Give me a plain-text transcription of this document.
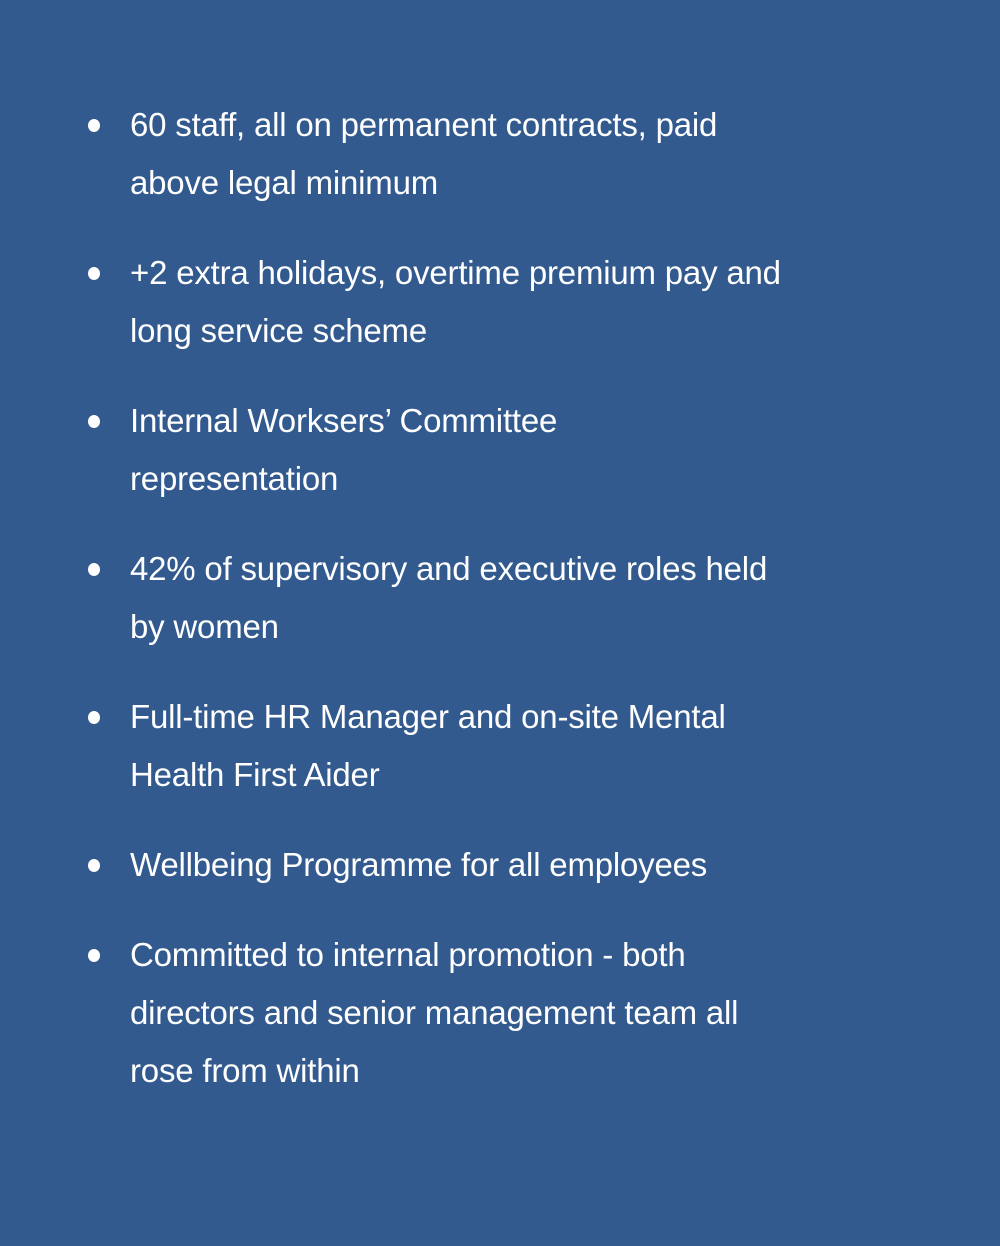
60 staff, all on permanent contracts, paid
above legal minimum
+2 extra holidays, overtime premium pay and
long service scheme
Internal Worksers’ Committee
representation
42% of supervisory and executive roles held
by women
Full-time HR Manager and on-site Mental
Health First Aider
Wellbeing Programme for all employees
Committed to internal promotion - both
directors and senior management team all
rose from within
